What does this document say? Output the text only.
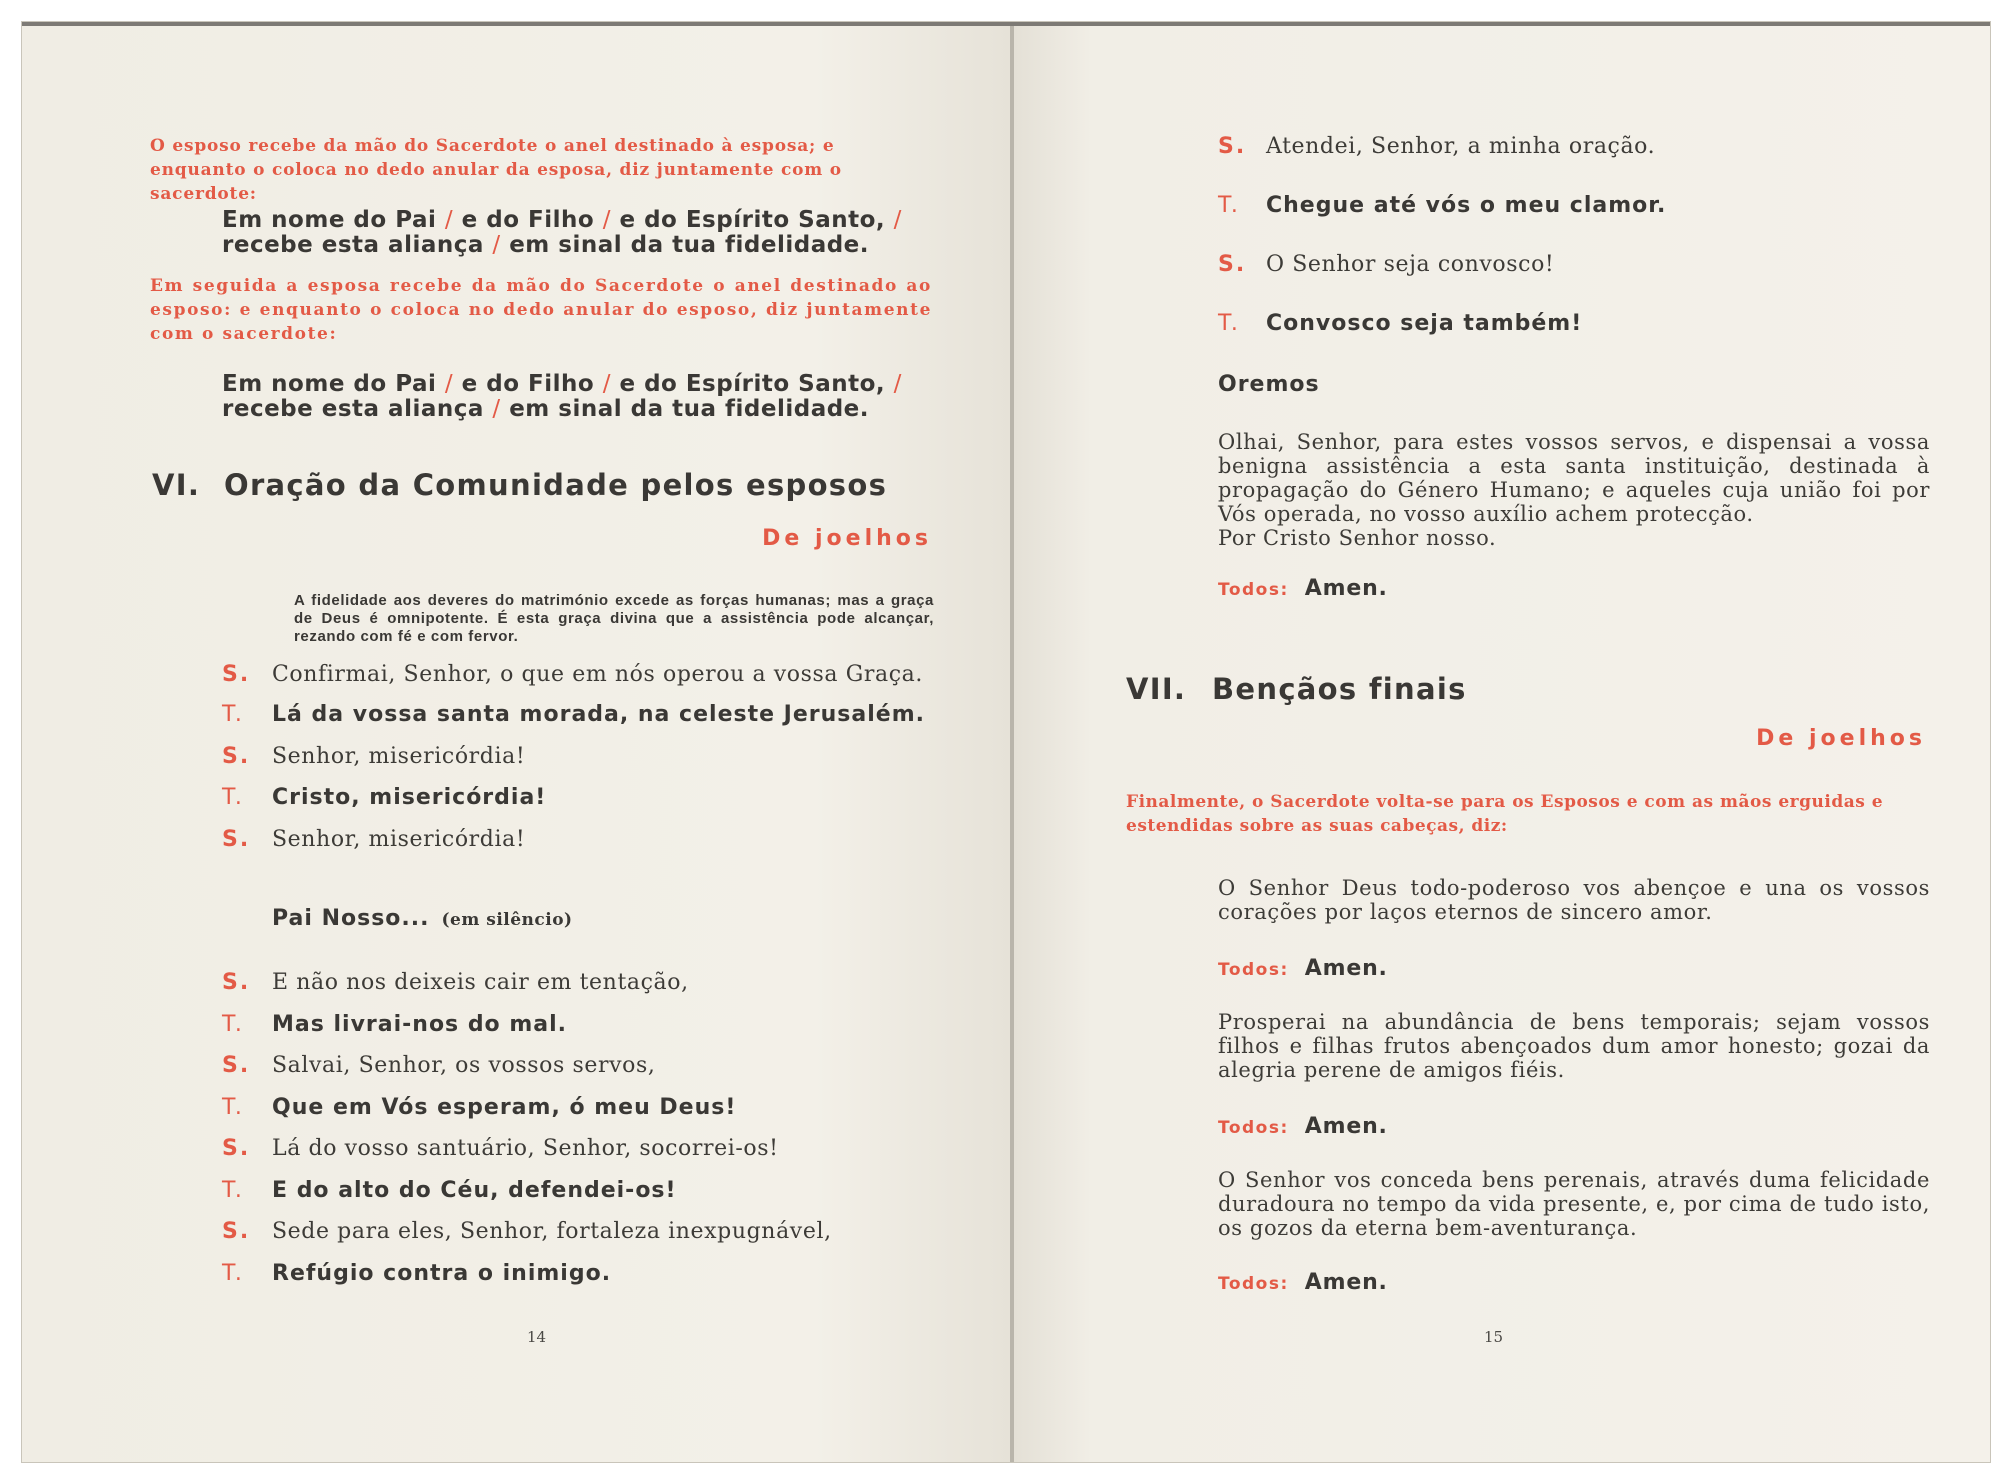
O esposo recebe da mão do Sacerdote o anel destinado à esposa; e enquanto o coloca no dedo anular da esposa, diz juntamente com o sacerdote:
Em nome do Pai / e do Filho / e do Espírito Santo, /
recebe esta aliança / em sinal da tua fidelidade.
Em seguida a esposa recebe da mão do Sacerdote o anel destinado ao esposo: e enquanto o coloca no dedo anular do esposo, diz juntamente com o sacerdote:
Em nome do Pai / e do Filho / e do Espírito Santo, /
recebe esta aliança / em sinal da tua fidelidade.
VI. Oração da Comunidade pelos esposos
De joelhos
A fidelidade aos deveres do matrimónio excede as forças humanas; mas a graça de Deus é omnipotente. É esta graça divina que a assistência pode alcançar, rezando com fé e com fervor.
S. Confirmai, Senhor, o que em nós operou a vossa Graça.
T.	Lá da vossa santa morada, na celeste Jerusalém.
S. Senhor, misericórdia!
T.	Cristo, misericórdia!
S. Senhor, misericórdia!
Pai Nosso... (em silêncio)
S. E não nos deixeis cair em tentação,
T.	Mas livrai-nos do mal.
S. Salvai, Senhor, os vossos servos,
T.	Que em Vós esperam, ó meu Deus!
S. Lá do vosso santuário, Senhor, socorrei-os!
T.	E do alto do Céu, defendei-os!
S. Sede para eles, Senhor, fortaleza inexpugnável,
T.	Refúgio contra o inimigo.
14
S. Atendei, Senhor, a minha oração.
T.	Chegue até vós o meu clamor.
S. O Senhor seja convosco!
T.	Convosco seja também!
Oremos
Olhai, Senhor, para estes vossos servos, e dispensai a vossa benigna assistência a esta santa instituição, destinada à propagação do Género Humano; e aqueles cuja união foi por Vós operada, no vosso auxílio achem protecção.
Por Cristo Senhor nosso.
Todos: Amen.
VII. Bençãos finais
De joelhos
Finalmente, o Sacerdote volta-se para os Esposos e com as mãos erguidas e estendidas sobre as suas cabeças, diz:
O Senhor Deus todo-poderoso vos abençoe e una os vossos corações por laços eternos de sincero amor.
Todos: Amen.
Prosperai na abundância de bens temporais; sejam vossos filhos e filhas frutos abençoados dum amor honesto; gozai da alegria perene de amigos fiéis.
Todos: Amen.
O Senhor vos conceda bens perenais, através duma felicidade duradoura no tempo da vida presente, e, por cima de tudo isto, os gozos da eterna bem-aventurança.
Todos: Amen.
15
